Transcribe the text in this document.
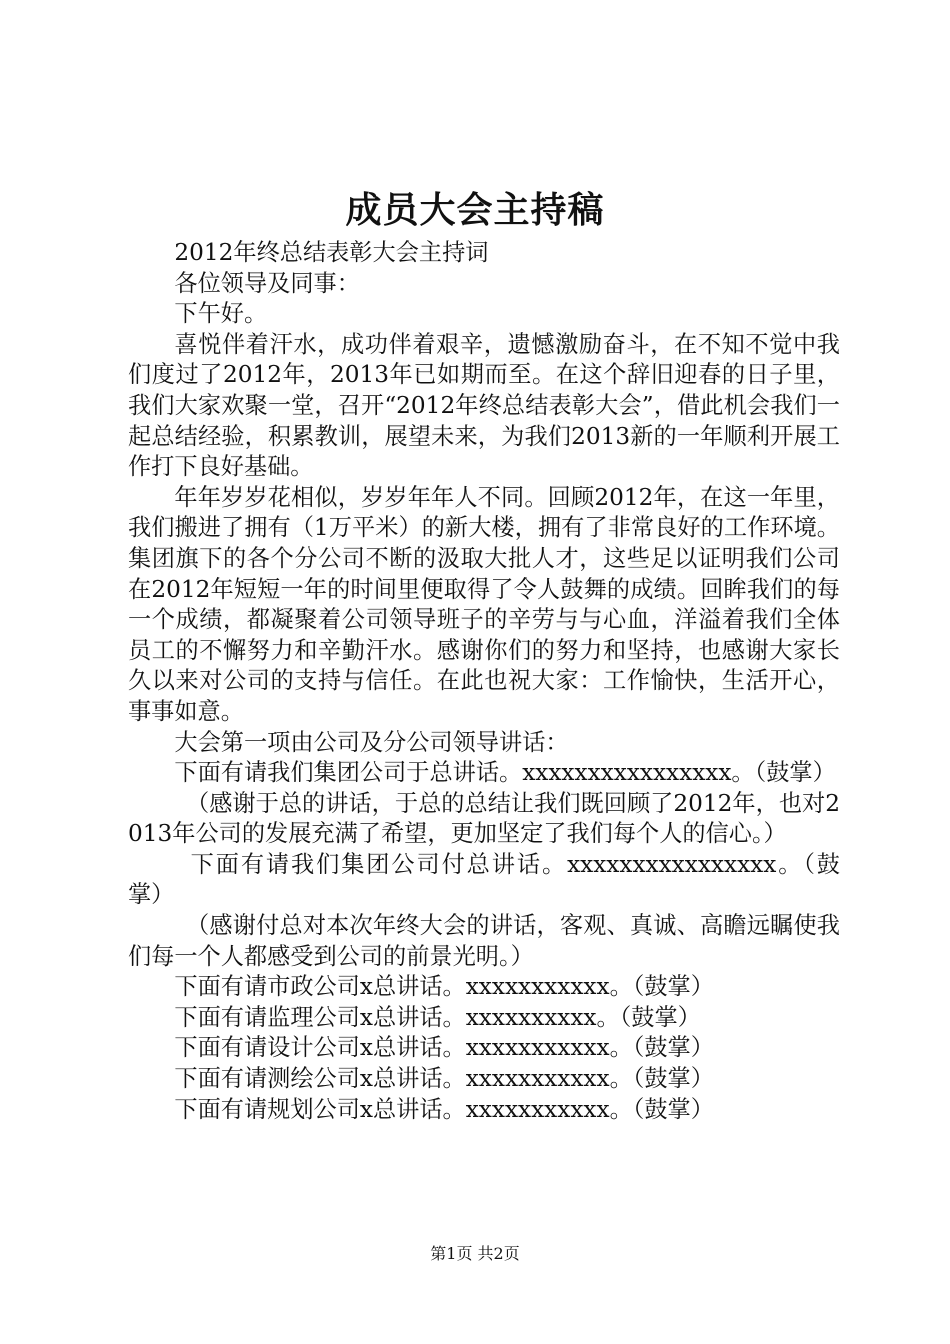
成员大会主持稿

2012年终总结表彰大会主持词

各位领导及同事：

下午好。

喜悦伴着汗水，成功伴着艰辛，遗憾激励奋斗，在不知不觉中我们度过了2012年，2013年已如期而至。在这个辞旧迎春的日子里，我们大家欢聚一堂，召开“2012年终总结表彰大会”，借此机会我们一起总结经验，积累教训，展望未来，为我们2013新的一年顺利开展工作打下良好基础。

年年岁岁花相似，岁岁年年人不同。回顾2012年，在这一年里，我们搬进了拥有（1万平米）的新大楼，拥有了非常良好的工作环境。集团旗下的各个分公司不断的汲取大批人才，这些足以证明我们公司在2012年短短一年的时间里便取得了令人鼓舞的成绩。回眸我们的每一个成绩，都凝聚着公司领导班子的辛劳与与心血，洋溢着我们全体员工的不懈努力和辛勤汗水。感谢你们的努力和坚持，也感谢大家长久以来对公司的支持与信任。在此也祝大家：工作愉快，生活开心，事事如意。

大会第一项由公司及分公司领导讲话：

下面有请我们集团公司于总讲话。xxxxxxxxxxxxxxxx。（鼓掌）

（感谢于总的讲话，于总的总结让我们既回顾了2012年，也对2013年公司的发展充满了希望，更加坚定了我们每个人的信心。）

下面有请我们集团公司付总讲话。xxxxxxxxxxxxxxxx。（鼓掌）

（感谢付总对本次年终大会的讲话，客观、真诚、高瞻远瞩使我们每一个人都感受到公司的前景光明。）

下面有请市政公司x总讲话。xxxxxxxxxxx。（鼓掌）

下面有请监理公司x总讲话。xxxxxxxxxx。（鼓掌）

下面有请设计公司x总讲话。xxxxxxxxxxx。（鼓掌）

下面有请测绘公司x总讲话。xxxxxxxxxxx。（鼓掌）

下面有请规划公司x总讲话。xxxxxxxxxxx。（鼓掌）

第1页 共2页
